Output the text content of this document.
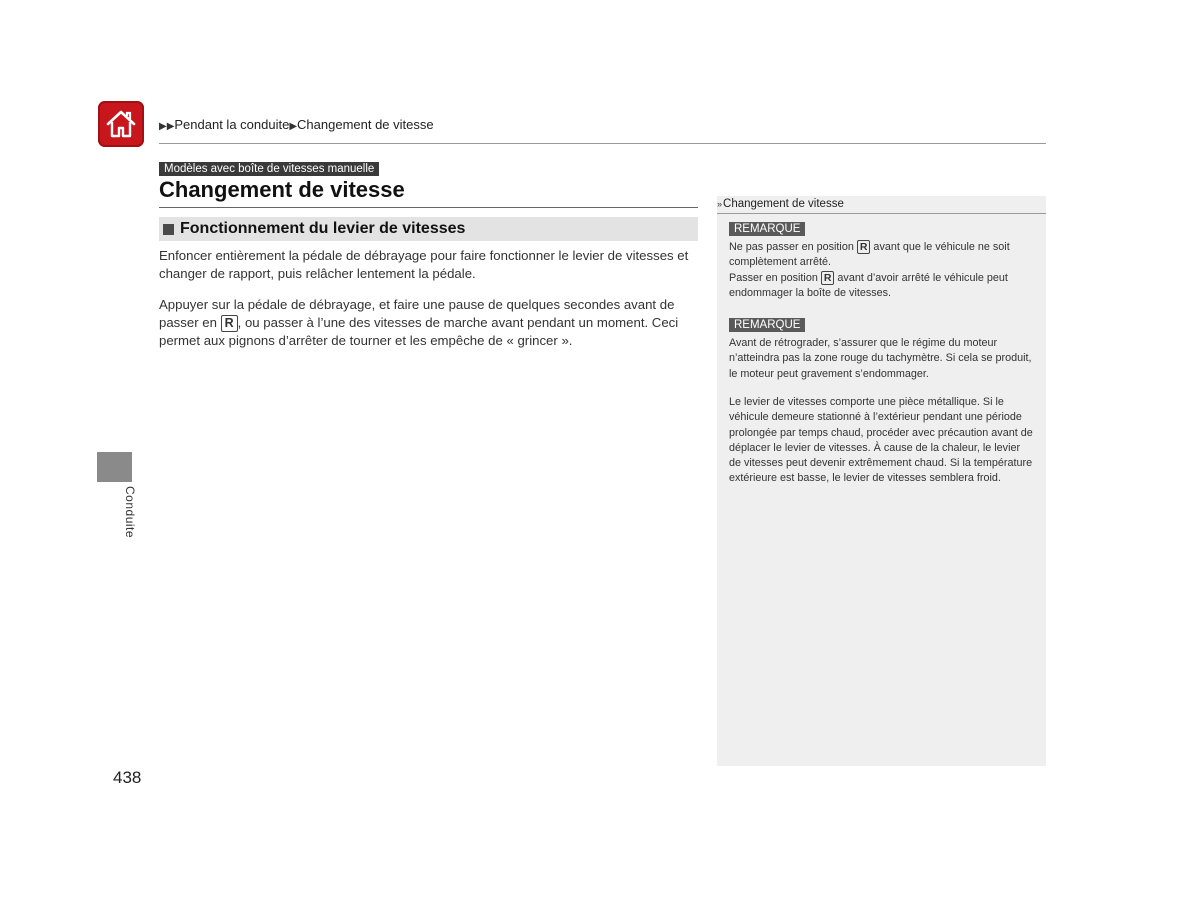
▶▶Pendant la conduite▶Changement de vitesse
Modèles avec boîte de vitesses manuelle
Changement de vitesse
Fonctionnement du levier de vitesses

Enfoncer entièrement la pédale de débrayage pour faire fonctionner le levier de vitesses et changer de rapport, puis relâcher lentement la pédale.

Appuyer sur la pédale de débrayage, et faire une pause de quelques secondes avant de passer en R , ou passer à l’une des vitesses de marche avant pendant un moment. Ceci permet aux pignons d’arrêter de tourner et les empêche de « grincer ».

» Changement de vitesse
REMARQUE

Ne pas passer en position R avant que le véhicule ne soit complètement arrêté.

Passer en position R avant d’avoir arrêté le véhicule peut endommager la boîte de vitesses.

REMARQUE

Avant de rétrograder, s’assurer que le régime du moteur n’atteindra pas la zone rouge du tachymètre. Si cela se produit, le moteur peut gravement s’endommager.

Le levier de vitesses comporte une pièce métallique. Si le véhicule demeure stationné à l’extérieur pendant une période prolongée par temps chaud, procéder avec précaution avant de déplacer le levier de vitesses. À cause de la chaleur, le levier de vitesses peut devenir extrêmement chaud. Si la température extérieure est basse, le levier de vitesses semblera froid.

Conduite
438
